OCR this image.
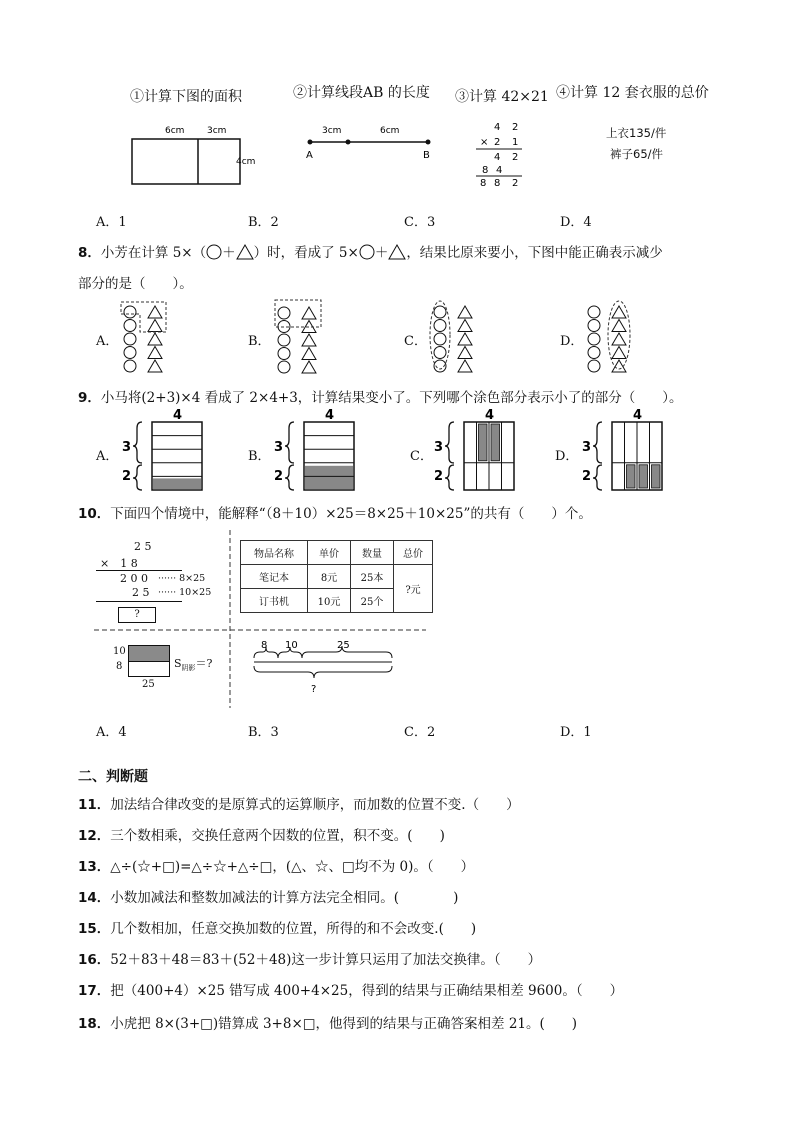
①计算下图的面积	②计算线段AB 的长度 ③计算 42×21 ④计算 12 套衣服的总价
6cm	3cm
4cm
3cm	6cm
A	B
4 2
× 2 1
4 2
8 4
8 8 2
上衣135/件
裤子65/件
A．1	B．2	C．3	D．4
8．小芳在计算 5×（ ＋ ）时，看成了 5× ＋ ，结果比原来要小，下图中能正确表示减少
部分的是（　　）。
A．	B．	C．	D．
9．小马将(2+3)×4 看成了 2×4+3，计算结果变小了。下列哪个涂色部分表示小了的部分（　　）。
A．	B．	C．	D．
4
3
2
4
3
2
4
3
2
4
3
2
10．下面四个情境中，能解释“（8＋10）×25＝8×25＋10×25”的共有（　　）个。
2 5
×　1 8
2 0 0 ······ 8×25
2 5 ······ 10×25
?
物品名称	单价	数量	总价
笔记本	8元	25本	?元
订书机	10元	25个	
10
8
25
$S_{阴影}=$?
8 10	25
?
A．4	B．3	C．2	D．1
二、判断题
11．加法结合律改变的是原算式的运算顺序，而加数的位置不变.（　　）
12．三个数相乘，交换任意两个因数的位置，积不变。(　　)
13．△÷(☆+□)=△÷☆+△÷□，(△、☆、□均不为 0)。（　　）
14．小数加减法和整数加减法的计算方法完全相同。(　　　　)
15．几个数相加，任意交换加数的位置，所得的和不会改变.(　　)
16．52＋83＋48＝83＋(52＋48)这一步计算只运用了加法交换律。（　　）
17．把（400+4）×25 错写成 400+4×25，得到的结果与正确结果相差 9600。（　　）
18．小虎把 8×(3+□)错算成 3+8×□，他得到的结果与正确答案相差 21。(　　)
